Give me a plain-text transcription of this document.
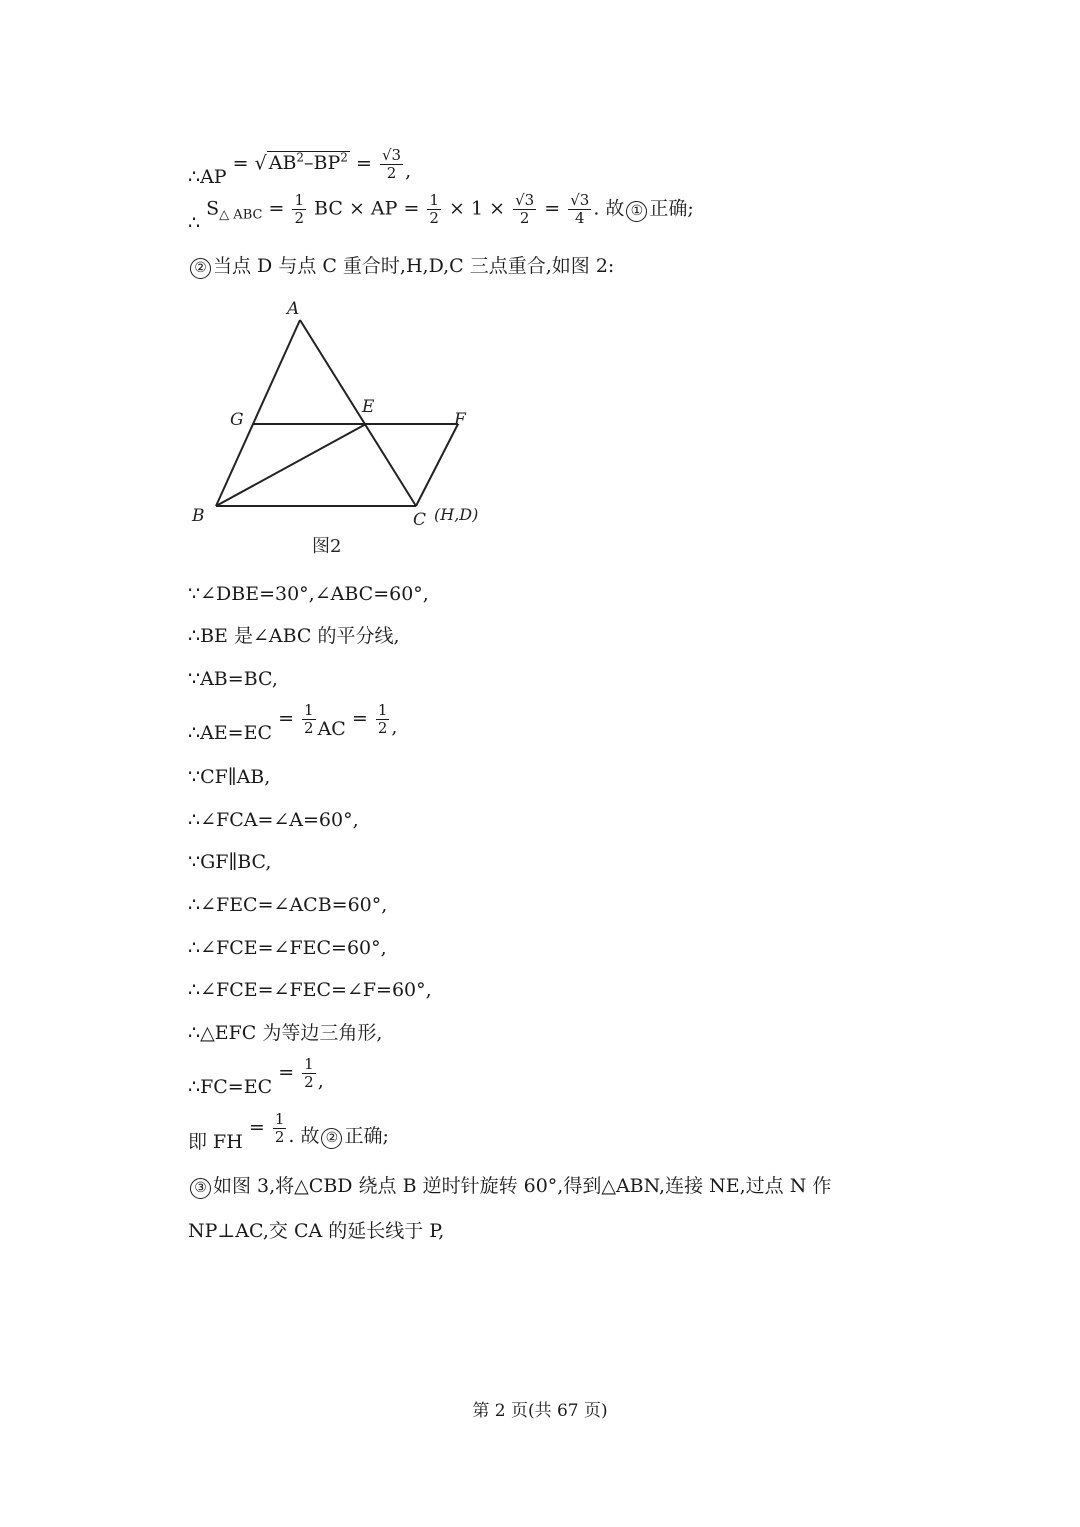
∴AP = √ $AB^2-BP^2 = \frac{√3}{2}$ ,
∴ $S_{\triangle ABC} = \frac{1}{2}$ BC × AP = $\frac{1}{2} \times 1 \times \frac{√3}{2} = \frac{√3}{4}$ . 故 ① 正确;
② 当点 D 与点 C 重合时,H,D,C 三点重合,如图 2:
A
G
E
F
B	C (H,D)
图2
∵∠DBE=30°,∠ABC=60°,
∴BE 是∠ABC 的平分线,
∵AB=BC,
∴AE=EC = $\frac{1}{2}$ AC = $\frac{1}{2}$ ,
∵CF∥AB,
∴∠FCA=∠A=60°,
∵GF∥BC,
∴∠FEC=∠ACB=60°,
∴∠FCE=∠FEC=60°,
∴∠FCE=∠FEC=∠F=60°,
∴△EFC 为等边三角形,
∴FC=EC = $\frac{1}{2}$ ,
即 FH = $\frac{1}{2}$ . 故 ② 正确;
③ 如图 3,将△CBD 绕点 B 逆时针旋转 60°,得到△ABN,连接 NE,过点 N 作
NP⊥AC,交 CA 的延长线于 P,
第 2 页(共 67 页)
